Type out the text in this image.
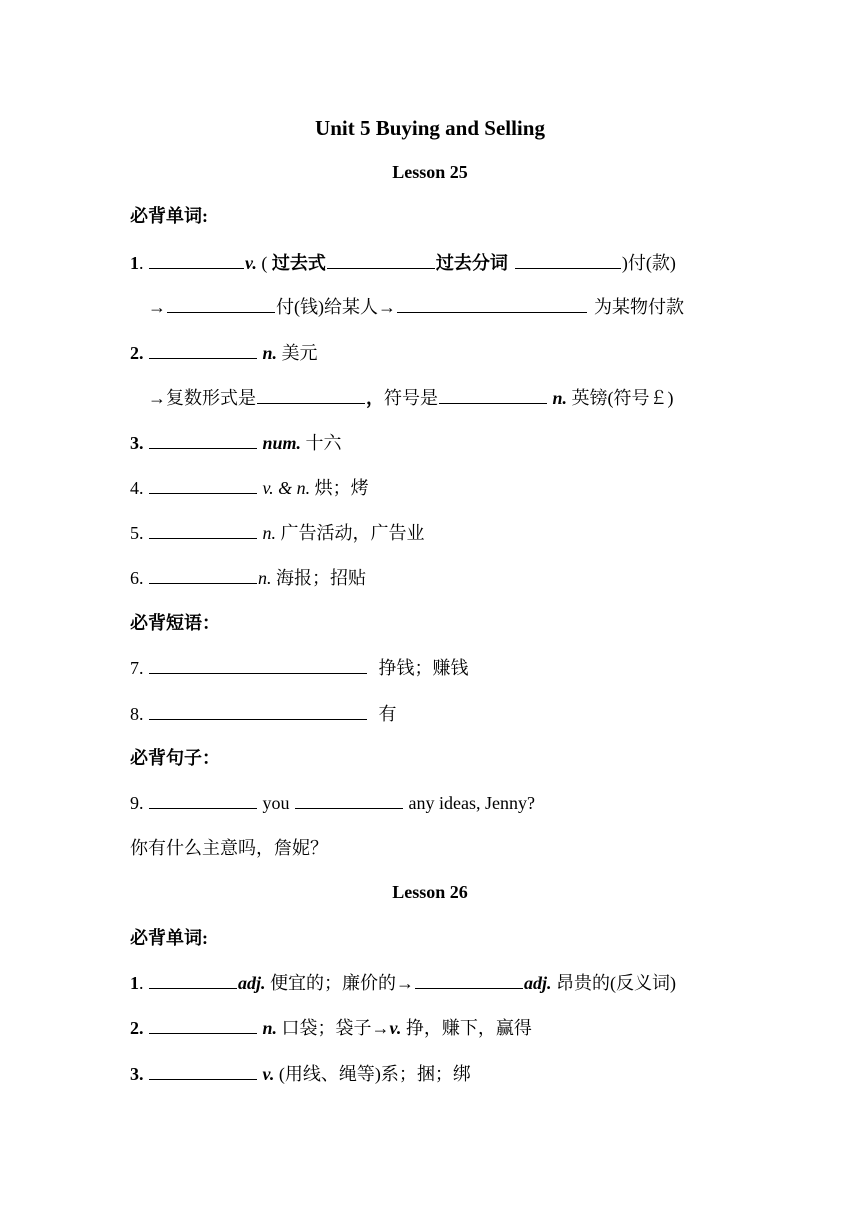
Unit 5 Buying and Selling
Lesson 25
必背单词:
1.	v. ( 过去式	过去分词	)付(款)
→	付(钱)给某人→	为某物付款
2.	n. 美元
→复数形式是	，符号是	n. 英镑(符号￡)
3.	num. 十六
4.	v. & n. 烘；烤
5.	n. 广告活动，广告业
6.	n. 海报；招贴
必背短语：
7.	挣钱；赚钱
8.	有
必背句子：
9.	you	any ideas, Jenny?
你有什么主意吗，詹妮？
Lesson 26
必背单词:
1.	adj. 便宜的；廉价的→	adj. 昂贵的(反义词)
2.	n. 口袋；袋子→v. 挣，赚下，赢得
3.	v. (用线、绳等)系；捆；绑
